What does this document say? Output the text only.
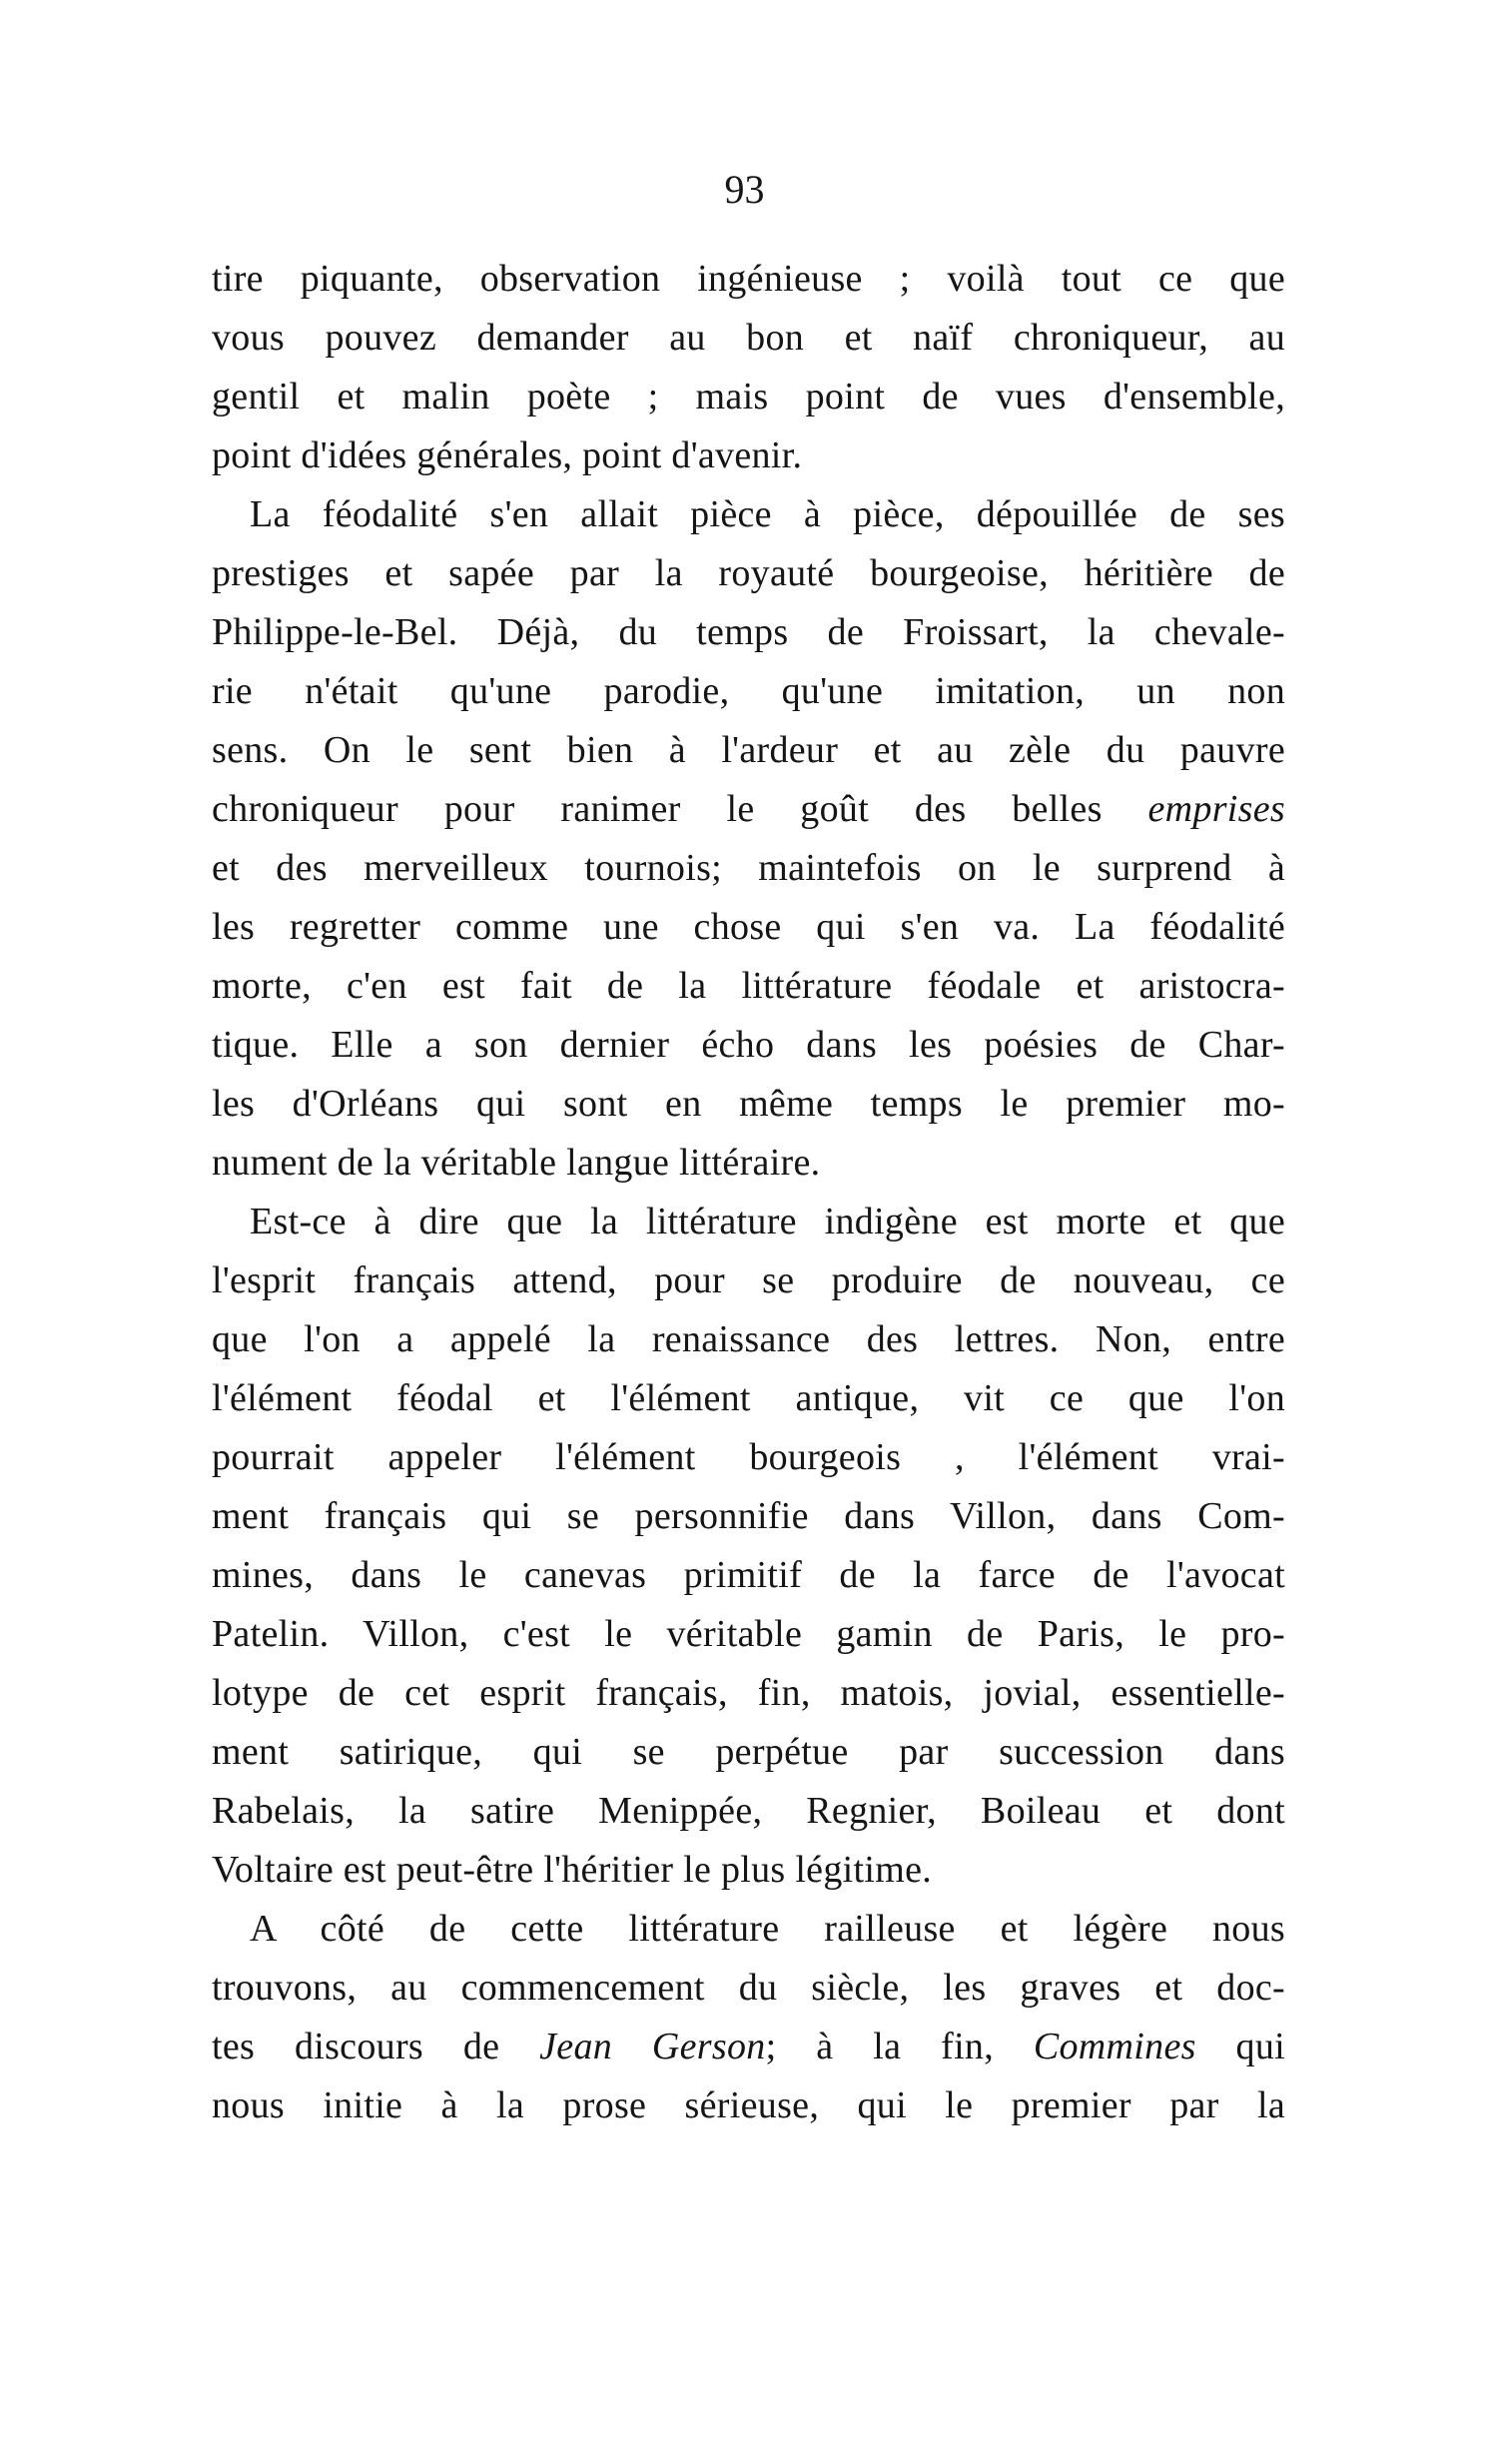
93
tire piquante, observation ingénieuse ; voilà tout ce que
vous pouvez demander au bon et naïf chroniqueur, au
gentil et malin poète ; mais point de vues d'ensemble,
point d'idées générales, point d'avenir.
La féodalité s'en allait pièce à pièce, dépouillée de ses
prestiges et sapée par la royauté bourgeoise, héritière de
Philippe-le-Bel. Déjà, du temps de Froissart, la chevale-
rie n'était qu'une parodie, qu'une imitation, un non
sens. On le sent bien à l'ardeur et au zèle du pauvre
chroniqueur pour ranimer le goût des belles emprises
et des merveilleux tournois; maintefois on le surprend à
les regretter comme une chose qui s'en va. La féodalité
morte, c'en est fait de la littérature féodale et aristocra-
tique. Elle a son dernier écho dans les poésies de Char-
les d'Orléans qui sont en même temps le premier mo-
nument de la véritable langue littéraire.
Est-ce à dire que la littérature indigène est morte et que
l'esprit français attend, pour se produire de nouveau, ce
que l'on a appelé la renaissance des lettres. Non, entre
l'élément féodal et l'élément antique, vit ce que l'on
pourrait appeler l'élément bourgeois , l'élément vrai-
ment français qui se personnifie dans Villon, dans Com-
mines, dans le canevas primitif de la farce de l'avocat
Patelin. Villon, c'est le véritable gamin de Paris, le pro-
lotype de cet esprit français, fin, matois, jovial, essentielle-
ment satirique, qui se perpétue par succession dans
Rabelais, la satire Menippée, Regnier, Boileau et dont
Voltaire est peut-être l'héritier le plus légitime.
A côté de cette littérature railleuse et légère nous
trouvons, au commencement du siècle, les graves et doc-
tes discours de Jean Gerson; à la fin, Commines qui
nous initie à la prose sérieuse, qui le premier par la
